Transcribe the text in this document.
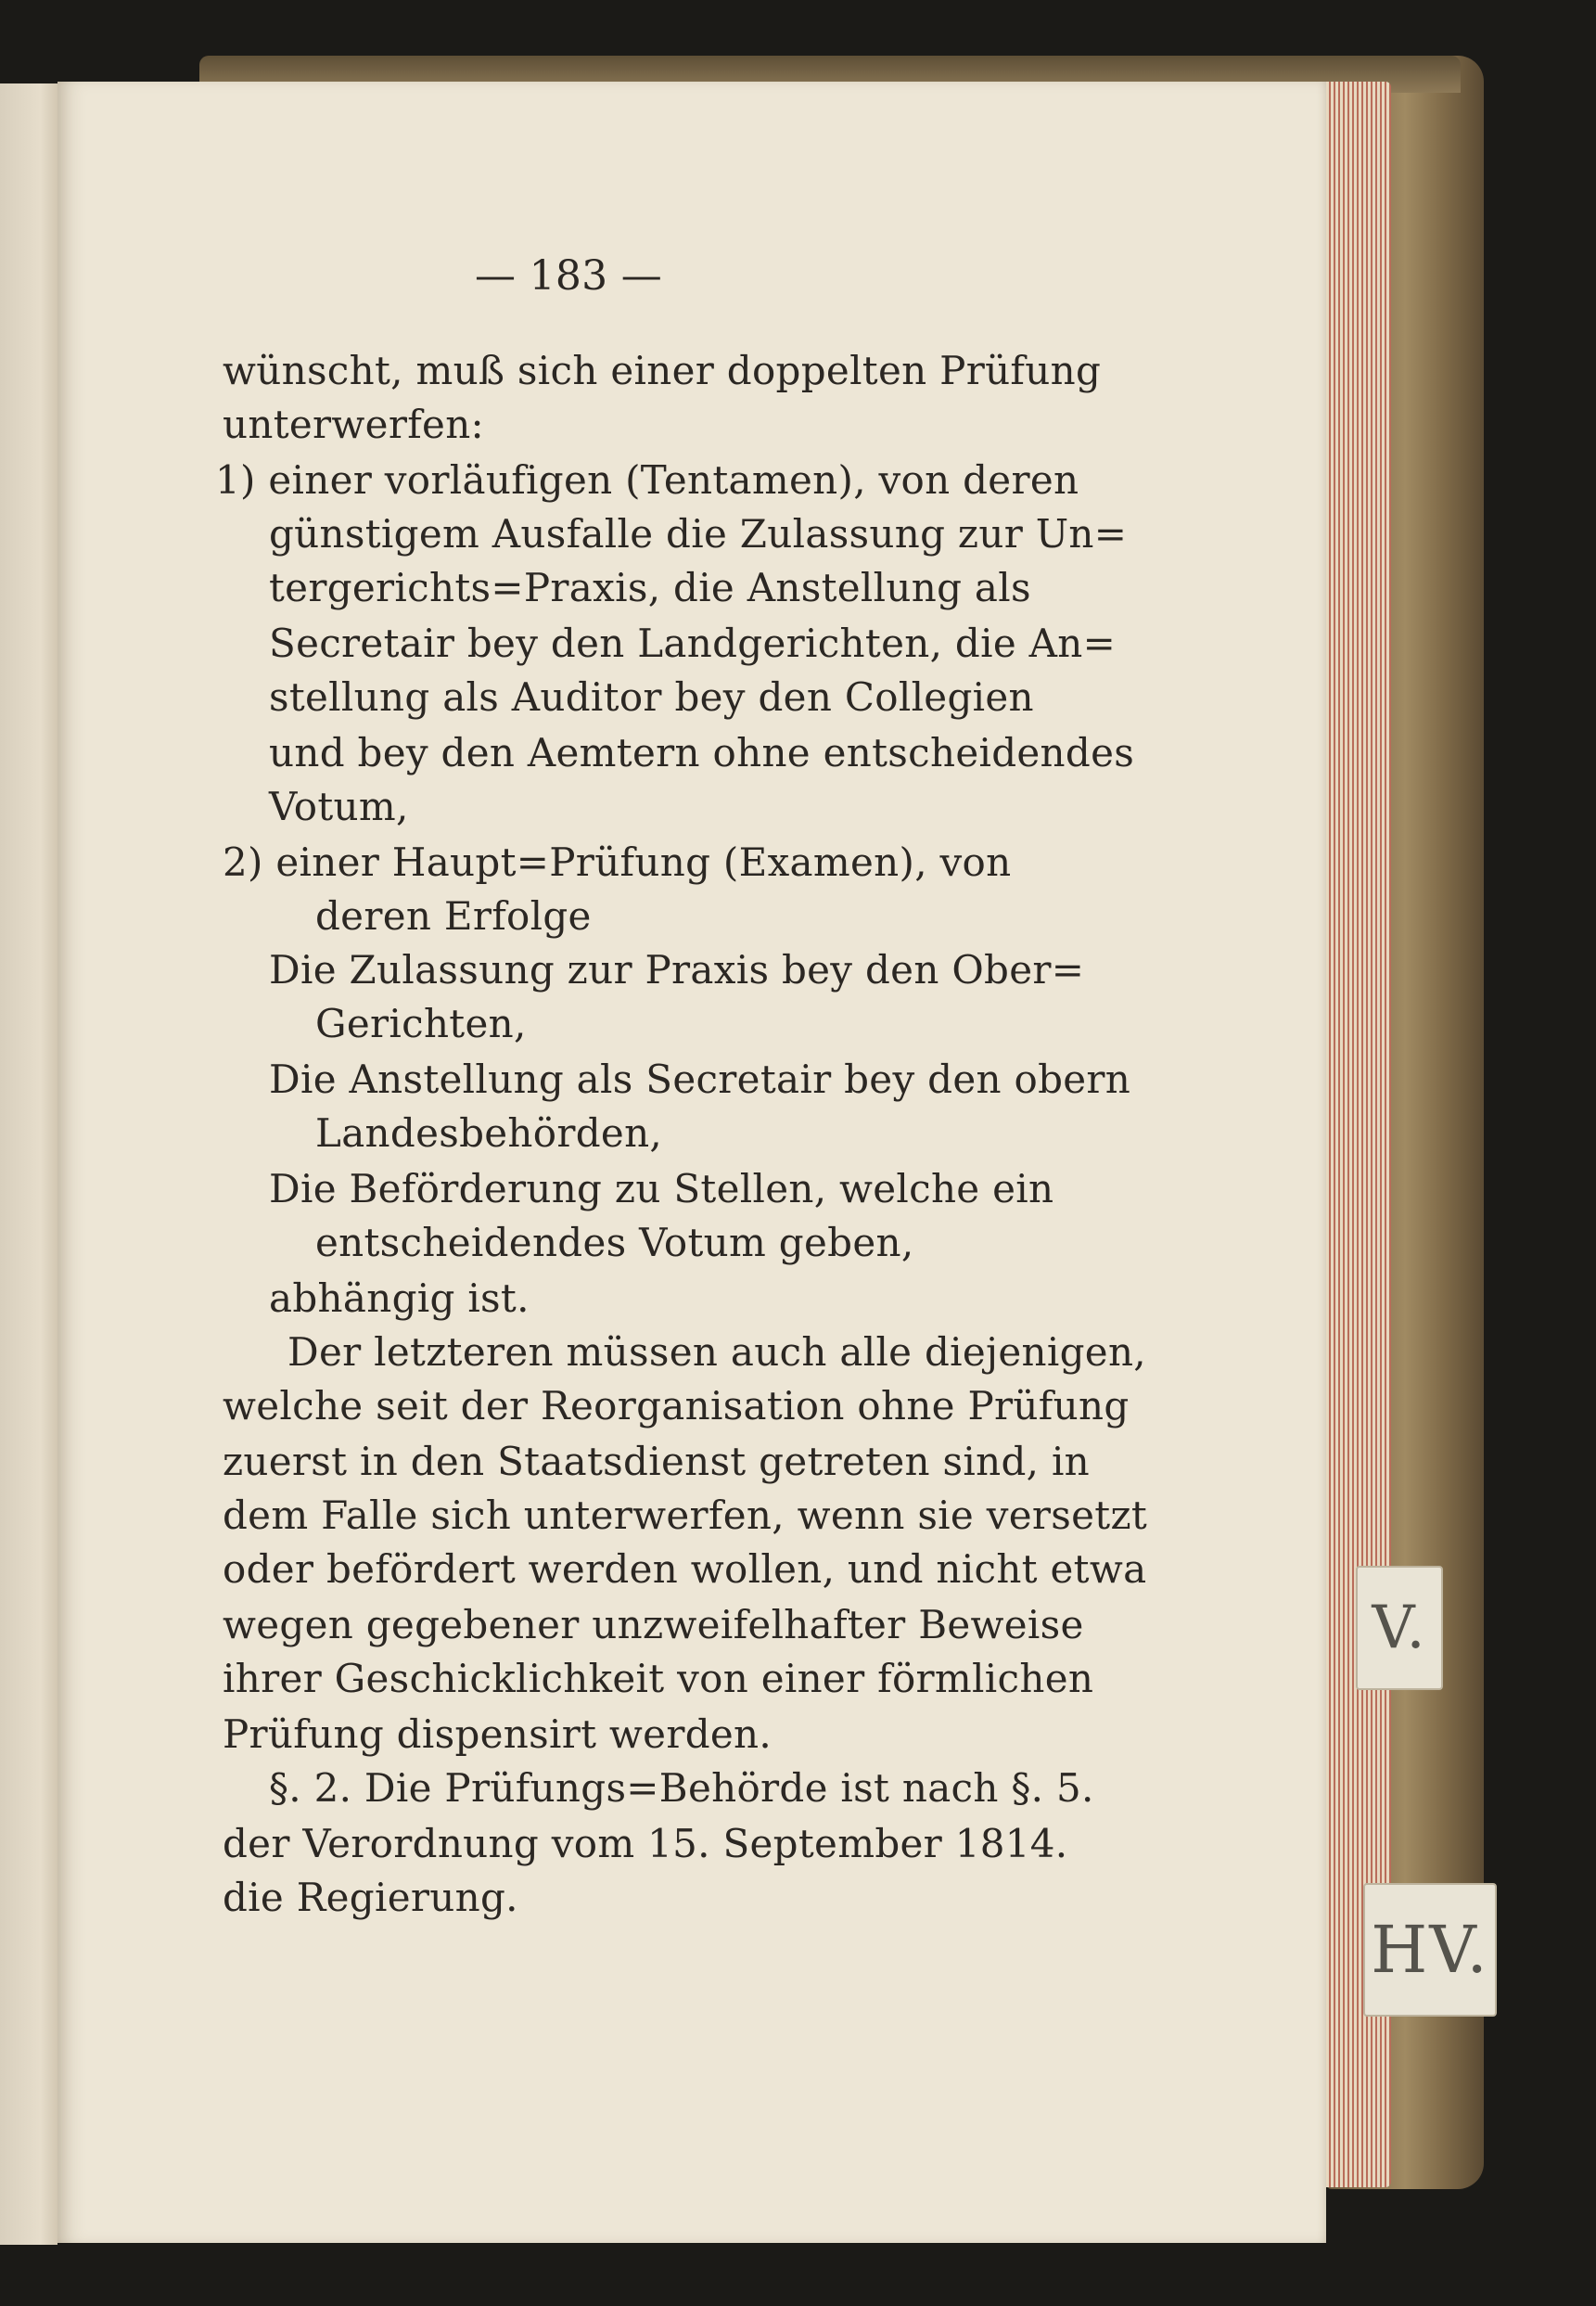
V.
HV.
— 183 —
wünscht, muß sich einer doppelten Prüfung
unterwerfen:
1) einer vorläufigen (Tentamen), von deren
günstigem Ausfalle die Zulassung zur Un=
tergerichts=Praxis, die Anstellung als
Secretair bey den Landgerichten, die An=
stellung als Auditor bey den Collegien
und bey den Aemtern ohne entscheidendes
Votum,
2) einer Haupt=Prüfung (Examen), von
deren Erfolge
Die Zulassung zur Praxis bey den Ober=
Gerichten,
Die Anstellung als Secretair bey den obern
Landesbehörden,
Die Beförderung zu Stellen, welche ein
entscheidendes Votum geben,
abhängig ist.
Der letzteren müssen auch alle diejenigen,
welche seit der Reorganisation ohne Prüfung
zuerst in den Staatsdienst getreten sind, in
dem Falle sich unterwerfen, wenn sie versetzt
oder befördert werden wollen, und nicht etwa
wegen gegebener unzweifelhafter Beweise
ihrer Geschicklichkeit von einer förmlichen
Prüfung dispensirt werden.
§. 2. Die Prüfungs=Behörde ist nach §. 5.
der Verordnung vom 15. September 1814.
die Regierung.
